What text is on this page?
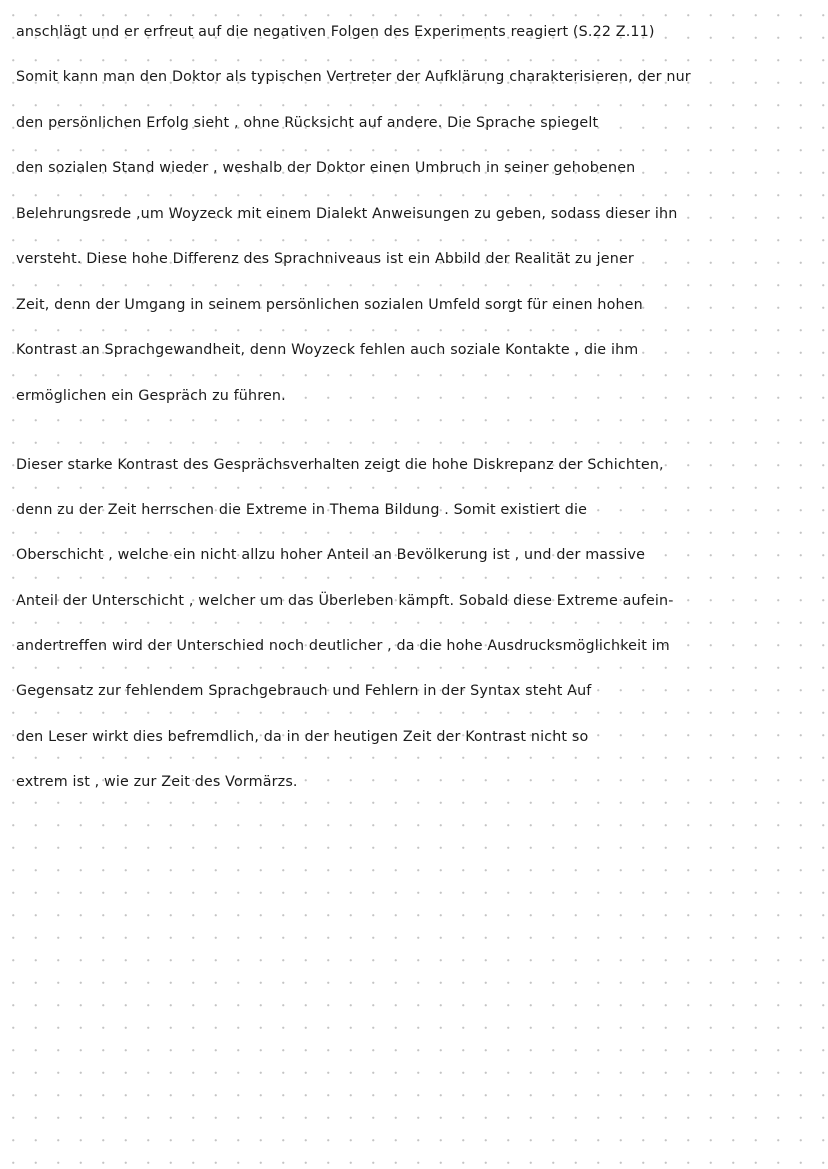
anschlägt und er erfreut auf die negativen Folgen des Experiments reagiert (S.22 Z.11)
Somit kann man den Doktor als typischen Vertreter der Aufklärung charakterisieren, der nur
den persönlichen Erfolg sieht , ohne Rücksicht auf andere. Die Sprache spiegelt
den sozialen Stand wieder , weshalb der Doktor einen Umbruch in seiner gehobenen
Belehrungsrede ,um Woyzeck mit einem Dialekt Anweisungen zu geben, sodass dieser ihn
versteht. Diese hohe Differenz des Sprachniveaus ist ein Abbild der Realität zu jener
Zeit, denn der Umgang in seinem persönlichen sozialen Umfeld sorgt für einen hohen
Kontrast an Sprachgewandheit, denn Woyzeck fehlen auch soziale Kontakte , die ihm
ermöglichen ein Gespräch zu führen.
Dieser starke Kontrast des Gesprächsverhalten zeigt die hohe Diskrepanz der Schichten,
denn zu der Zeit herrschen die Extreme in Thema Bildung . Somit existiert die
Oberschicht , welche ein nicht allzu hoher Anteil an Bevölkerung ist , und der massive
Anteil der Unterschicht , welcher um das Überleben kämpft. Sobald diese Extreme aufein-
andertreffen wird der Unterschied noch deutlicher , da die hohe Ausdrucksmöglichkeit im
Gegensatz zur fehlendem Sprachgebrauch und Fehlern in der Syntax steht Auf
den Leser wirkt dies befremdlich, da in der heutigen Zeit der Kontrast nicht so
extrem ist , wie zur Zeit des Vormärzs.
